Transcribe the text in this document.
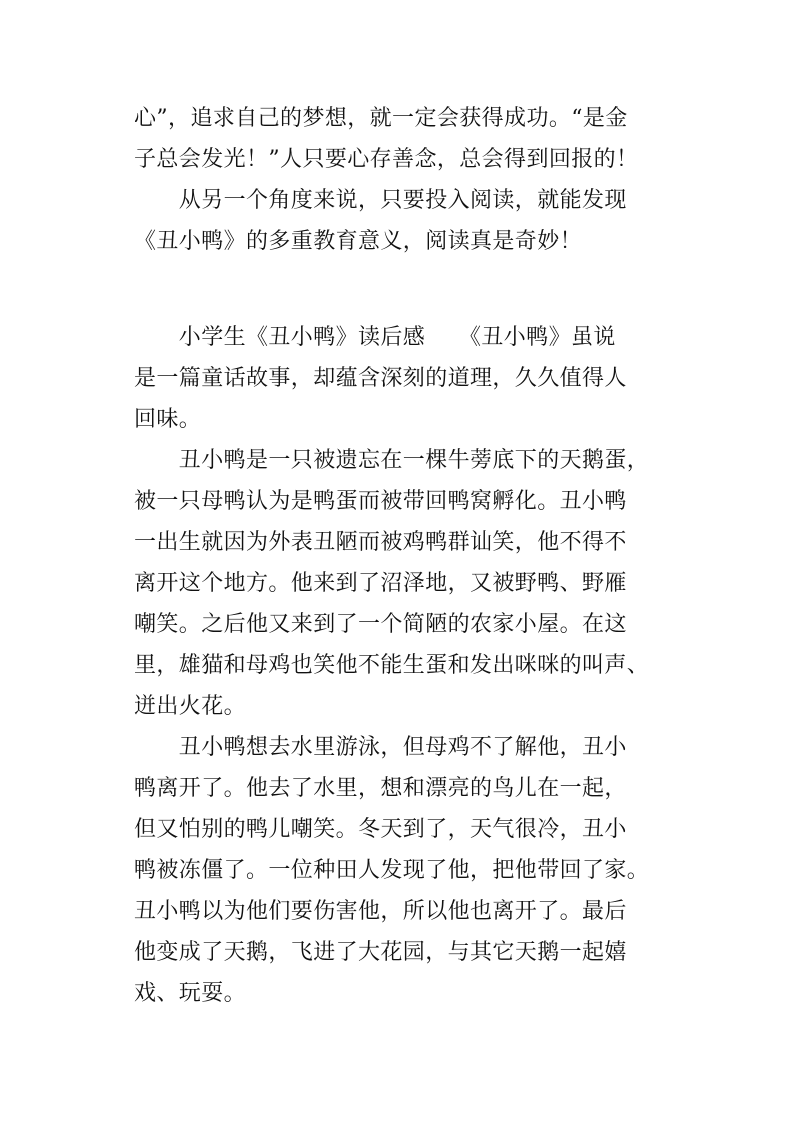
心”，追求自己的梦想，就一定会获得成功。“是金
子总会发光！”人只要心存善念，总会得到回报的！
　　从另一个角度来说，只要投入阅读，就能发现
《丑小鸭》的多重教育意义，阅读真是奇妙！
　　小学生《丑小鸭》读后感　　《丑小鸭》虽说
是一篇童话故事，却蕴含深刻的道理，久久值得人
回味。
　　丑小鸭是一只被遗忘在一棵牛蒡底下的天鹅蛋，
被一只母鸭认为是鸭蛋而被带回鸭窝孵化。丑小鸭
一出生就因为外表丑陋而被鸡鸭群讪笑，他不得不
离开这个地方。他来到了沼泽地，又被野鸭、野雁
嘲笑。之后他又来到了一个简陋的农家小屋。在这
里，雄猫和母鸡也笑他不能生蛋和发出咪咪的叫声、
迸出火花。
　　丑小鸭想去水里游泳，但母鸡不了解他，丑小
鸭离开了。他去了水里，想和漂亮的鸟儿在一起，
但又怕别的鸭儿嘲笑。冬天到了，天气很冷，丑小
鸭被冻僵了。一位种田人发现了他，把他带回了家。
丑小鸭以为他们要伤害他，所以他也离开了。最后
他变成了天鹅，飞进了大花园，与其它天鹅一起嬉
戏、玩耍。
